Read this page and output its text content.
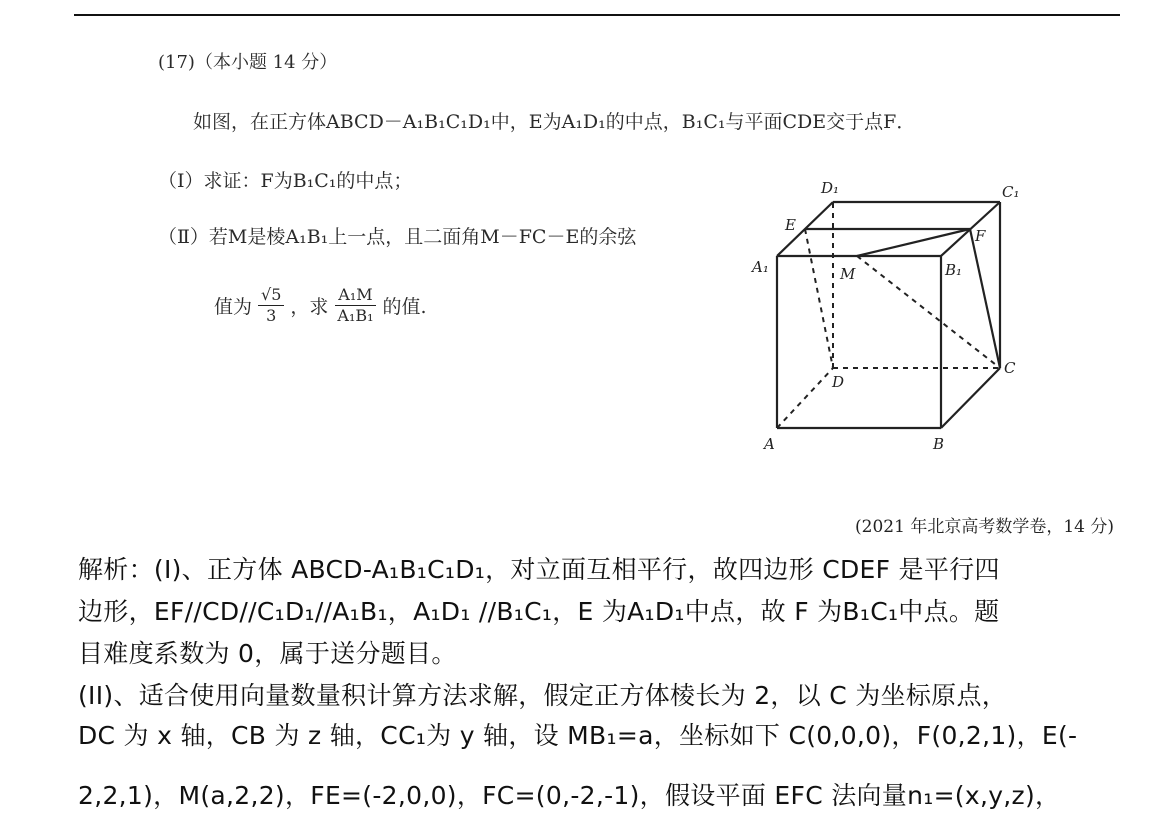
(17)（本小题 14 分）
如图，在正方体ABCD－A₁B₁C₁D₁中，E为A₁D₁的中点，B₁C₁与平面CDE交于点F．
（Ⅰ）求证：F为B₁C₁的中点；
（Ⅱ）若M是棱A₁B₁上一点，且二面角M－FC－E的余弦
值为 $\frac{√5}{3}$ ，求 $\frac{\text{A₁M}}{\text{A₁B₁}}$ 的值.
A	B
C
D
A₁	B₁
C₁
D₁
E
F
M
(2021 年北京高考数学卷，14 分)
解析：(I)、正方体 ABCD-A₁B₁C₁D₁，对立面互相平行，故四边形 CDEF 是平行四
边形，EF//CD//C₁D₁//A₁B₁，A₁D₁ //B₁C₁，E 为A₁D₁中点，故 F 为B₁C₁中点。题
目难度系数为 0，属于送分题目。
(II)、适合使用向量数量积计算方法求解，假定正方体棱长为 2，以 C 为坐标原点，
DC 为 x 轴，CB 为 z 轴，CC₁为 y 轴，设 MB₁=a，坐标如下 C(0,0,0)，F(0,2,1)，E(-
2,2,1)，M(a,2,2)，FE=(-2,0,0)，FC=(0,-2,-1)，假设平面 EFC 法向量n₁=(x,y,z)，
